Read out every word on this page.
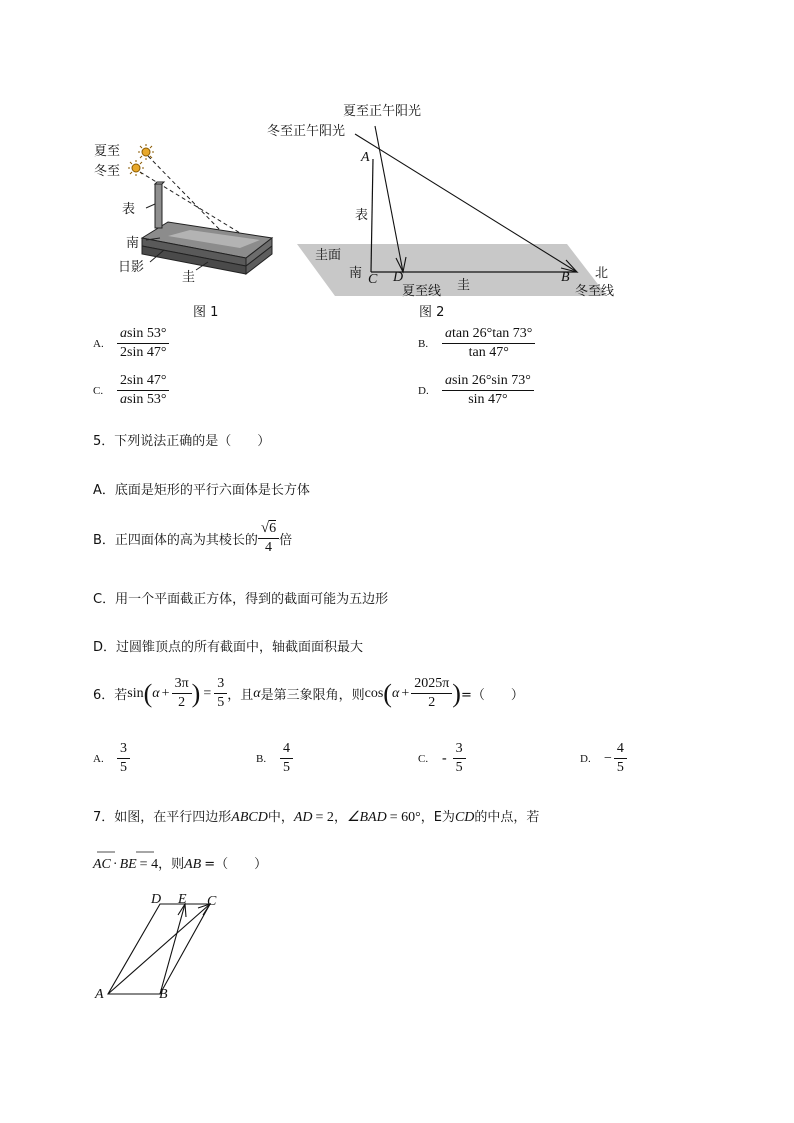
夏至
冬至
表
南
日影
圭
图 1
夏至正午阳光
冬至正午阳光
A
表
圭面
南 C D
夏至线 圭
B 北
冬至线
图 2
A. $\frac{asin 53^\circ}{2\sin 47^\circ}$	B. $\frac{atan 26^\circ\tan 73^\circ}{\tan 47^\circ}$
C. $\frac{2\sin 47^\circ}{asin 53^\circ}$	D. $\frac{asin 26^\circ\sin 73^\circ}{\sin 47^\circ}$
5．下列说法正确的是（　　）
A．底面是矩形的平行六面体是长方体
B．正四面体的高为其棱长的 $\frac{√6}{4}$ 倍
C．用一个平面截正方体，得到的截面可能为五边形
D．过圆锥顶点的所有截面中，轴截面面积最大
6．若 sin ( $\alpha + \frac{3\pi}{2}$ ) = $\frac{3}{5}$ ，且 α 是第三象限角，则 cos ( $\alpha + \frac{2025\pi}{2}$ ) =（　　）
A. $\frac{3}{5}$	B. $\frac{4}{5}$	C. - $\frac{3}{5}$	D. − $\frac{4}{5}$
7．如图，在平行四边形 ABCD 中， AD = 2 ， ∠BAD = 60° ，E为 CD 的中点，若
AC · BE = 4 ，则 AB =（　　）
D E C
A	B
